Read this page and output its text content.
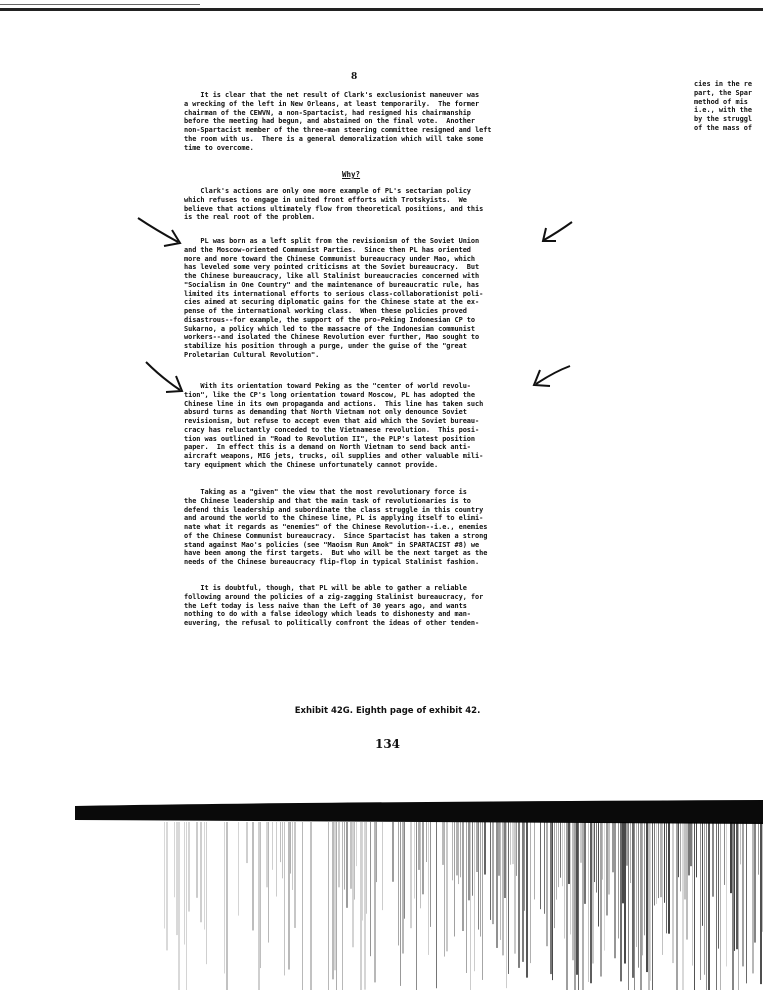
8
It is clear that the net result of Clark's exclusionist maneuver was
a wrecking of the left in New Orleans, at least temporarily.  The former
chairman of the CEWVN, a non-Spartacist, had resigned his chairmanship
before the meeting had begun, and abstained on the final vote.  Another
non-Spartacist member of the three-man steering committee resigned and left
the room with us.  There is a general demoralization which will take some
time to overcome.
Why?
Clark's actions are only one more example of PL's sectarian policy
which refuses to engage in united front efforts with Trotskyists.  We
believe that actions ultimately flow from theoretical positions, and this
is the real root of the problem.
PL was born as a left split from the revisionism of the Soviet Union
and the Moscow-oriented Communist Parties.  Since then PL has oriented
more and more toward the Chinese Communist bureaucracy under Mao, which
has leveled some very pointed criticisms at the Soviet bureaucracy.  But
the Chinese bureaucracy, like all Stalinist bureaucracies concerned with
"Socialism in One Country" and the maintenance of bureaucratic rule, has
limited its international efforts to serious class-collaborationist poli-
cies aimed at securing diplomatic gains for the Chinese state at the ex-
pense of the international working class.  When these policies proved
disastrous--for example, the support of the pro-Peking Indonesian CP to
Sukarno, a policy which led to the massacre of the Indonesian communist
workers--and isolated the Chinese Revolution ever further, Mao sought to
stabilize his position through a purge, under the guise of the "great
Proletarian Cultural Revolution".
With its orientation toward Peking as the "center of world revolu-
tion", like the CP's long orientation toward Moscow, PL has adopted the
Chinese line in its own propaganda and actions.  This line has taken such
absurd turns as demanding that North Vietnam not only denounce Soviet
revisionism, but refuse to accept even that aid which the Soviet bureau-
cracy has reluctantly conceded to the Vietnamese revolution.  This posi-
tion was outlined in "Road to Revolution II", the PLP's latest position
paper.  In effect this is a demand on North Vietnam to send back anti-
aircraft weapons, MIG jets, trucks, oil supplies and other valuable mili-
tary equipment which the Chinese unfortunately cannot provide.
Taking as a "given" the view that the most revolutionary force is
the Chinese leadership and that the main task of revolutionaries is to
defend this leadership and subordinate the class struggle in this country
and around the world to the Chinese line, PL is applying itself to elimi-
nate what it regards as "enemies" of the Chinese Revolution--i.e., enemies
of the Chinese Communist bureaucracy.  Since Spartacist has taken a strong
stand against Mao's policies (see "Maoism Run Amok" in SPARTACIST #8) we
have been among the first targets.  But who will be the next target as the
needs of the Chinese bureaucracy flip-flop in typical Stalinist fashion.
It is doubtful, though, that PL will be able to gather a reliable
following around the policies of a zig-zagging Stalinist bureaucracy, for
the Left today is less naive than the Left of 30 years ago, and wants
nothing to do with a false ideology which leads to dishonesty and man-
euvering, the refusal to politically confront the ideas of other tenden-
cies in the re
part, the Spar
method of mis
i.e., with the
by the struggl
of the mass of
Exhibit 42G. Eighth page of exhibit 42.
134
